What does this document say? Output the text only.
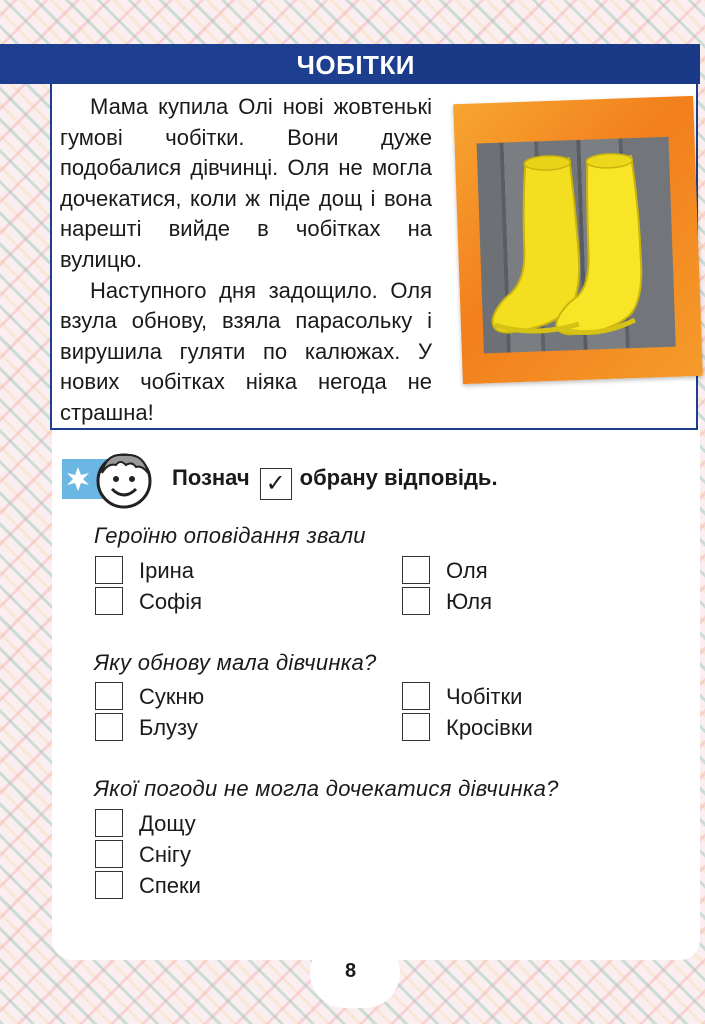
ЧОБІТКИ

Мама купила Олі нові жовтенькі гумові чобітки. Вони дуже подобалися дівчинці. Оля не могла дочекатися, коли ж піде дощ і вона нарешті вийде в чобітках на вулицю.

Наступного дня задощило. Оля взула обнову, взяла парасольку і вирушила гуляти по калюжах. У нових чобітках ніяка негода не страшна!

Познач ✓ обрану відповідь.
Героїню оповідання звали
Ірина	Оля
Софія	Юля
Яку обнову мала дівчинка?
Сукню	Чобітки
Блузу	Кросівки
Якої погоди не могла дочекатися дівчинка?
Дощу
Снігу
Спеки
8
